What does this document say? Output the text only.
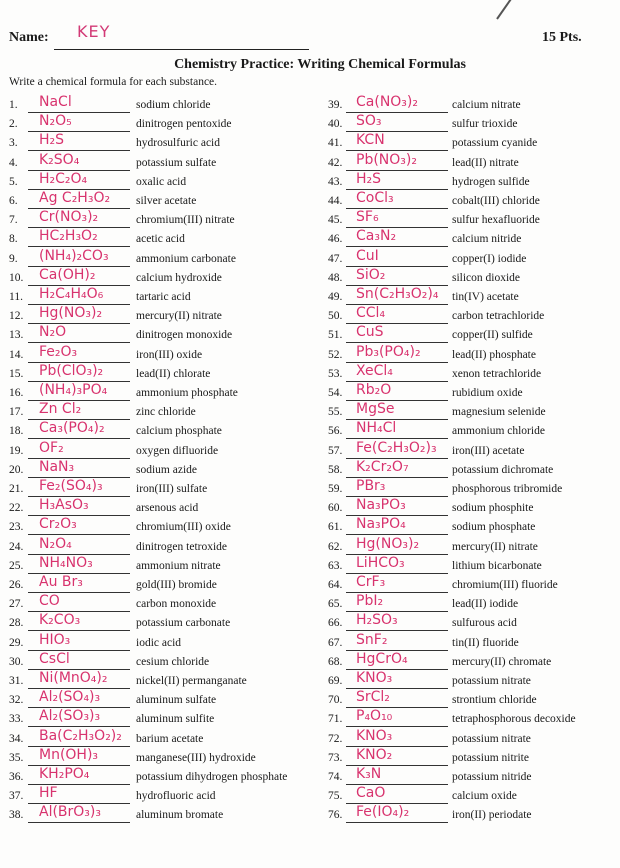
Name: KEY	15 Pts.
Chemistry Practice: Writing Chemical Formulas
Write a chemical formula for each substance.
1. NaCl	sodium chloride
2. N₂O₅	dinitrogen pentoxide
3. H₂S	hydrosulfuric acid
4. K₂SO₄	potassium sulfate
5. H₂C₂O₄	oxalic acid
6. Ag C₂H₃O₂ silver acetate
7. Cr(NO₃)₂	chromium(III) nitrate
8. HC₂H₃O₂	acetic acid
9. (NH₄)₂CO₃ ammonium carbonate
10. Ca(OH)₂	calcium hydroxide
11. H₂C₄H₄O₆	tartaric acid
12. Hg(NO₃)₂	mercury(II) nitrate
13. N₂O	dinitrogen monoxide
14. Fe₂O₃	iron(III) oxide
15. Pb(ClO₃)₂	lead(II) chlorate
16. (NH₄)₃PO₄	ammonium phosphate
17. Zn Cl₂	zinc chloride
18. Ca₃(PO₄)₂	calcium phosphate
19. OF₂	oxygen difluoride
20. NaN₃	sodium azide
21. Fe₂(SO₄)₃	iron(III) sulfate
22. H₃AsO₃	arsenous acid
23. Cr₂O₃	chromium(III) oxide
24. N₂O₄	dinitrogen tetroxide
25. NH₄NO₃	ammonium nitrate
26. Au Br₃	gold(III) bromide
27. CO	carbon monoxide
28. K₂CO₃	potassium carbonate
29. HIO₃	iodic acid
30. CsCl	cesium chloride
31. Ni(MnO₄)₂ nickel(II) permanganate
32. Al₂(SO₄)₃	aluminum sulfate
33. Al₂(SO₃)₃	aluminum sulfite
34. Ba(C₂H₃O₂)₂ barium acetate
35. Mn(OH)₃	manganese(III) hydroxide
36. KH₂PO₄	potassium dihydrogen phosphate
37. HF	hydrofluoric acid
38. Al(BrO₃)₃	aluminum bromate
39. Ca(NO₃)₂	calcium nitrate
40. SO₃	sulfur trioxide
41. KCN	potassium cyanide
42. Pb(NO₃)₂	lead(II) nitrate
43. H₂S	hydrogen sulfide
44. CoCl₃	cobalt(III) chloride
45. SF₆	sulfur hexafluoride
46. Ca₃N₂	calcium nitride
47. CuI	copper(I) iodide
48. SiO₂	silicon dioxide
49. Sn(C₂H₃O₂)₄ tin(IV) acetate
50. CCl₄	carbon tetrachloride
51. CuS	copper(II) sulfide
52. Pb₃(PO₄)₂	lead(II) phosphate
53. XeCl₄	xenon tetrachloride
54. Rb₂O	rubidium oxide
55. MgSe	magnesium selenide
56. NH₄Cl	ammonium chloride
57. Fe(C₂H₃O₂)₃ iron(III) acetate
58. K₂Cr₂O₇	potassium dichromate
59. PBr₃	phosphorous tribromide
60. Na₃PO₃	sodium phosphite
61. Na₃PO₄	sodium phosphate
62. Hg(NO₃)₂	mercury(II) nitrate
63. LiHCO₃	lithium bicarbonate
64. CrF₃	chromium(III) fluoride
65. PbI₂	lead(II) iodide
66. H₂SO₃	sulfurous acid
67. SnF₂	tin(II) fluoride
68. HgCrO₄	mercury(II) chromate
69. KNO₃	potassium nitrate
70. SrCl₂	strontium chloride
71. P₄O₁₀	tetraphosphorous decoxide
72. KNO₃	potassium nitrate
73. KNO₂	potassium nitrite
74. K₃N	potassium nitride
75. CaO	calcium oxide
76. Fe(IO₄)₂	iron(II) periodate
